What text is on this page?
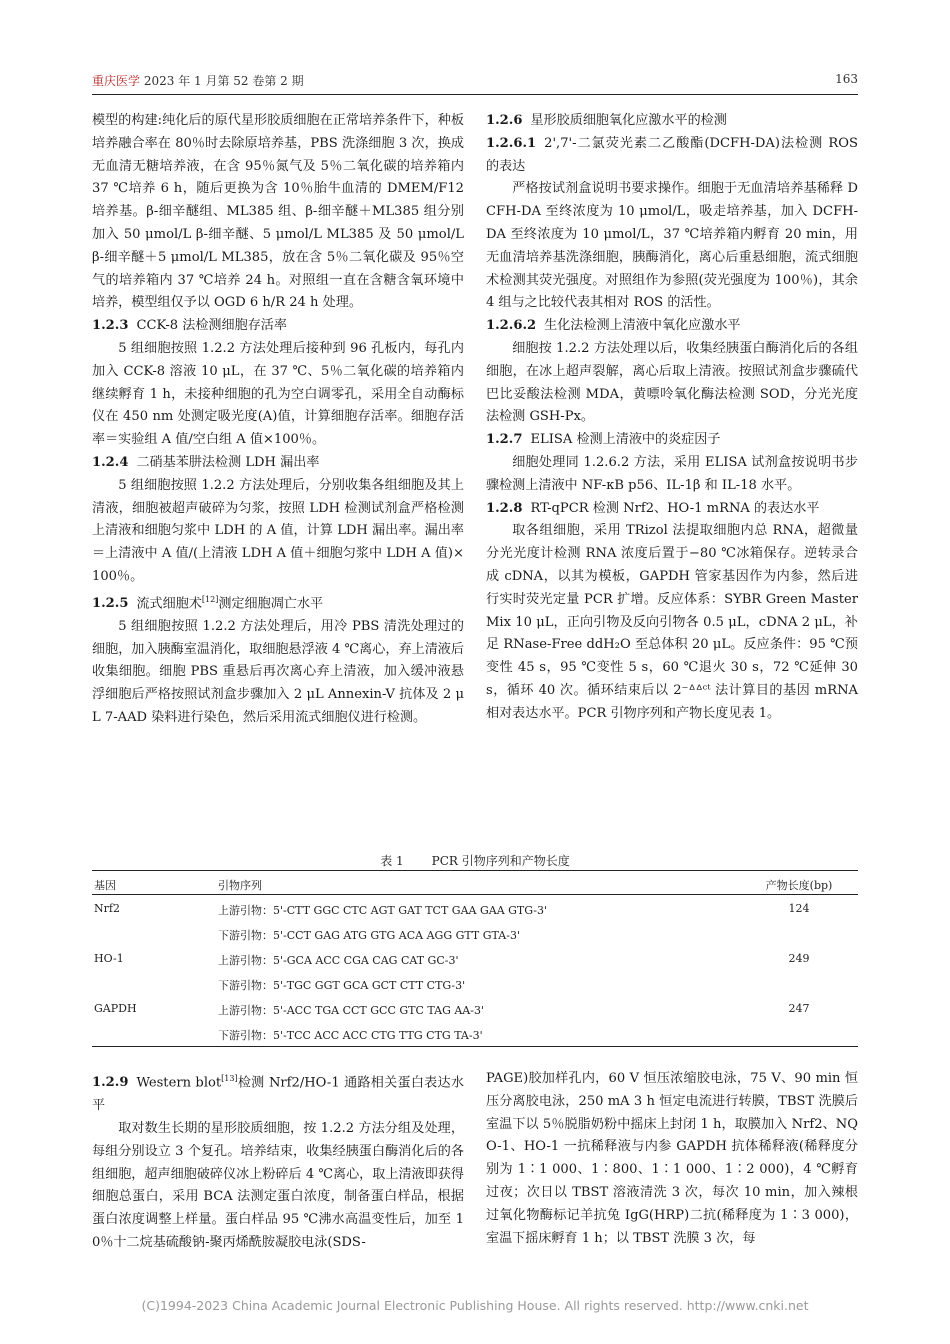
重庆医学 2023 年 1 月第 52 卷第 2 期	163

模型的构建:纯化后的原代星形胶质细胞在正常培养条件下，种板培养融合率在 80％时去除原培养基，PBS 洗涤细胞 3 次，换成无血清无糖培养液，在含 95％氮气及 5％二氧化碳的培养箱内 37 ℃培养 6 h，随后更换为含 10％胎牛血清的 DMEM/F12 培养基。β-细辛醚组、ML385 组、β-细辛醚＋ML385 组分别加入 50 μmol/L β-细辛醚、5 μmol/L ML385 及 50 μmol/L β-细辛醚＋5 μmol/L ML385，放在含 5％二氧化碳及 95％空气的培养箱内 37 ℃培养 24 h。对照组一直在含糖含氧环境中培养，模型组仅予以 OGD 6 h/R 24 h 处理。

1.2.3 CCK-8 法检测细胞存活率

5 组细胞按照 1.2.2 方法处理后接种到 96 孔板内，每孔内加入 CCK-8 溶液 10 μL，在 37 ℃、5％二氧化碳的培养箱内继续孵育 1 h，未接种细胞的孔为空白调零孔，采用全自动酶标仪在 450 nm 处测定吸光度(A)值，计算细胞存活率。细胞存活率＝实验组 A 值/空白组 A 值×100％。

1.2.4 二硝基苯肼法检测 LDH 漏出率

5 组细胞按照 1.2.2 方法处理后，分别收集各组细胞及其上清液，细胞被超声破碎为匀浆，按照 LDH 检测试剂盒严格检测上清液和细胞匀浆中 LDH 的 A 值，计算 LDH 漏出率。漏出率＝上清液中 A 值/(上清液 LDH A 值＋细胞匀浆中 LDH A 值)×100％。

1.2.5 流式细胞术[12]测定细胞凋亡水平

5 组细胞按照 1.2.2 方法处理后，用冷 PBS 清洗处理过的细胞，加入胰酶室温消化，取细胞悬浮液 4 ℃离心，弃上清液后收集细胞。细胞 PBS 重悬后再次离心弃上清液，加入缓冲液悬浮细胞后严格按照试剂盒步骤加入 2 μL Annexin-V 抗体及 2 μL 7-AAD 染料进行染色，然后采用流式细胞仪进行检测。

1.2.6 星形胶质细胞氧化应激水平的检测
1.2.6.1 2',7'-二氯荧光素二乙酸酯(DCFH-DA)法检测 ROS 的表达

严格按试剂盒说明书要求操作。细胞于无血清培养基稀释 DCFH-DA 至终浓度为 10 μmol/L，吸走培养基，加入 DCFH-DA 至终浓度为 10 μmol/L，37 ℃培养箱内孵育 20 min，用无血清培养基洗涤细胞，胰酶消化，离心后重悬细胞，流式细胞术检测其荧光强度。对照组作为参照(荧光强度为 100％)，其余 4 组与之比较代表其相对 ROS 的活性。

1.2.6.2 生化法检测上清液中氧化应激水平

细胞按 1.2.2 方法处理以后，收集经胰蛋白酶消化后的各组细胞，在冰上超声裂解，离心后取上清液。按照试剂盒步骤硫代巴比妥酸法检测 MDA，黄嘌呤氧化酶法检测 SOD，分光光度法检测 GSH-Px。

1.2.7 ELISA 检测上清液中的炎症因子

细胞处理同 1.2.6.2 方法，采用 ELISA 试剂盒按说明书步骤检测上清液中 NF-κB p56、IL-1β 和 IL-18 水平。

1.2.8 RT-qPCR 检测 Nrf2、HO-1 mRNA 的表达水平

取各组细胞，采用 TRizol 法提取细胞内总 RNA，超微量分光光度计检测 RNA 浓度后置于−80 ℃冰箱保存。逆转录合成 cDNA，以其为模板，GAPDH 管家基因作为内参，然后进行实时荧光定量 PCR 扩增。反应体系：SYBR Green Master Mix 10 μL，正向引物及反向引物各 0.5 μL，cDNA 2 μL，补足 RNase-Free ddH₂O 至总体积 20 μL。反应条件：95 ℃预变性 45 s，95 ℃变性 5 s，60 ℃退火 30 s，72 ℃延伸 30 s，循环 40 次。循环结束后以 2⁻ᐞᐞᶜᵗ 法计算目的基因 mRNA 相对表达水平。PCR 引物序列和产物长度见表 1。

表 1 PCR 引物序列和产物长度
基因	引物序列	产物长度(bp)
Nrf2	上游引物：5'-CTT GGC CTC AGT GAT TCT GAA GAA GTG-3'	124
下游引物：5'-CCT GAG ATG GTG ACA AGG GTT GTA-3'
HO-1	上游引物：5'-GCA ACC CGA CAG CAT GC-3'	249
下游引物：5'-TGC GGT GCA GCT CTT CTG-3'
GAPDH	上游引物：5'-ACC TGA CCT GCC GTC TAG AA-3'	247
下游引物：5'-TCC ACC ACC CTG TTG CTG TA-3'
1.2.9 Western blot[13]检测 Nrf2/HO-1 通路相关蛋白表达水平

取对数生长期的星形胶质细胞，按 1.2.2 方法分组及处理，每组分别设立 3 个复孔。培养结束，收集经胰蛋白酶消化后的各组细胞，超声细胞破碎仪冰上粉碎后 4 ℃离心，取上清液即获得细胞总蛋白，采用 BCA 法测定蛋白浓度，制备蛋白样品，根据蛋白浓度调整上样量。蛋白样品 95 ℃沸水高温变性后，加至 10％十二烷基硫酸钠-聚丙烯酰胺凝胶电泳(SDS-

PAGE)胶加样孔内，60 V 恒压浓缩胶电泳，75 V、90 min 恒压分离胶电泳，250 mA 3 h 恒定电流进行转膜，TBST 洗膜后室温下以 5％脱脂奶粉中摇床上封闭 1 h，取膜加入 Nrf2、NQO-1、HO-1 一抗稀释液与内参 GAPDH 抗体稀释液(稀释度分别为 1∶1 000、1∶800、1∶1 000、1∶2 000)，4 ℃孵育过夜；次日以 TBST 溶液清洗 3 次，每次 10 min，加入辣根过氧化物酶标记羊抗兔 IgG(HRP)二抗(稀释度为 1∶3 000)，室温下摇床孵育 1 h；以 TBST 洗膜 3 次，每

(C)1994-2023 China Academic Journal Electronic Publishing House. All rights reserved. http://www.cnki.net
